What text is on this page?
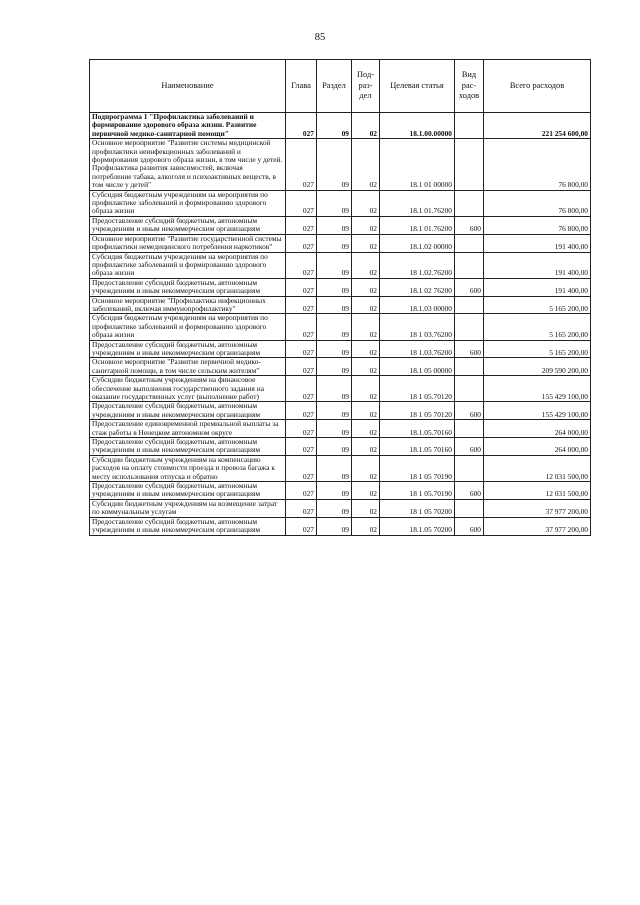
85
Наименование	Глава	Раздел	Под-раз-дел	Целевая статья	Вид рас-ходов	Всего расходов
Подпрограмма 1 "Профилактика заболеваний и формирование здорового образа жизни. Развитие первичной медико-санитарной помощи"	027	09	02	18.1.00.00000		221 254 600,00
Основное мероприятие "Развитие системы медицинской профилактики неинфекционных заболеваний и формирования здорового образа жизни, в том числе у детей. Профилактика развития зависимостей, включая потребление табака, алкоголя и психоактивных веществ, в том числе у детей"	027	09	02	18.1 01 00000		76 800,00
Субсидия бюджетным учреждениям на мероприятия по профилактике заболеваний и формированию здорового образа жизни	027	09	02	18.1 01.76200		76 800,00
Предоставление субсидий бюджетным, автономным учреждениям и иным некоммерческим организациям	027	09	02	18.1 01.76200	600	76 800,00
Основное мероприятие "Развитие государственной системы профилактики немедицинского потребления наркотиков"	027	09	02	18.1.02 00000		191 400,00
Субсидия бюджетным учреждениям на мероприятия по профилактике заболеваний и формированию здорового образа жизни	027	09	02	18 1.02.76200		191 400,00
Предоставление субсидий бюджетным, автономным учреждениям и иным некоммерческим организациям	027	09	02	18.1 02 76200	600	191 400,00
Основное мероприятие "Профилактика инфекционных заболеваний, включая иммунопрофилактику"	027	09	02	18.1.03 00000		5 165 200,00
Субсидия бюджетным учреждениям на мероприятия по профилактике заболеваний и формированию здорового образа жизни	027	09	02	18 1 03.76200		5 165 200,00
Предоставление субсидий бюджетным, автономным учреждениям и иным некоммерческим организациям	027	09	02	18 1.03.76200	600	5 165 200,00
Основное мероприятие "Развитие первичной медико-санитарной помощи, в том числе сельским жителям"	027	09	02	18.1 05 00000		209 590 200,00
Субсидии бюджетным учреждениям на финансовое обеспечение выполнения государственного задания на оказание государственных услуг (выполнение работ)	027	09	02	18 1 05.70120		155 429 100,00
Предоставление субсидий бюджетным, автономным учреждениям и иным некоммерческим организациям	027	09	02	18 1 05 70120	600	155 429 100,00
Предоставление единовременной премиальной выплаты за стаж работы в Ненецком автономном округе	027	09	02	18.1.05.70160		264 000,00
Предоставление субсидий бюджетным, автономным учреждениям и иным некоммерческим организациям	027	09	02	18.1.05 70160	600	264 000,00
Субсидии бюджетным учреждениям на компенсацию расходов на оплату стоимости проезда и провоза багажа к месту использования отпуска и обратно	027	09	02	18 1 05 70190		12 031 500,00
Предоставление субсидий бюджетным, автономным учреждениям и иным некоммерческим организациям	027	09	02	18 1 05.70190	600	12 031 500,00
Субсидии бюджетным учреждениям на возмещение затрат по коммунальным услугам	027	09	02	18 1 05 70200		37 977 200,00
Предоставление субсидий бюджетным, автономным учреждениям и иным некоммерческим организациям	027	09	02	18.1.05 70200	600	37 977 200,00
